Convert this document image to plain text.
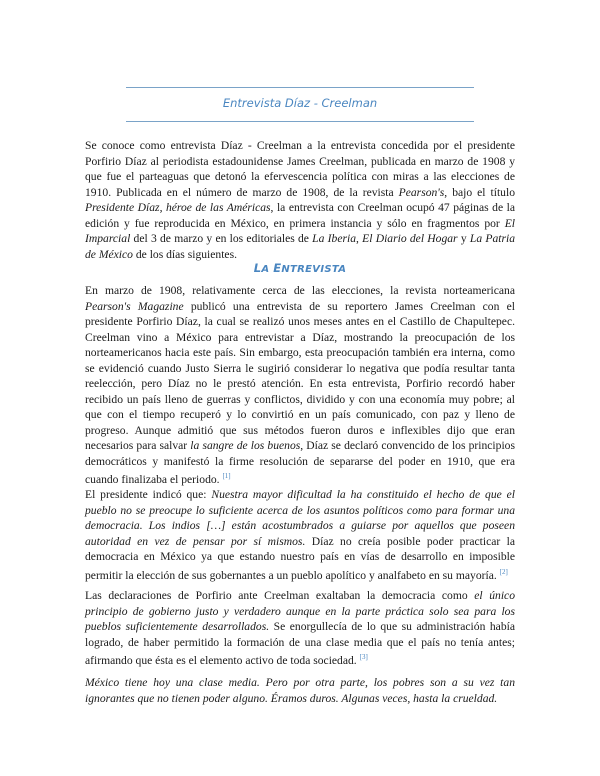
Entrevista Díaz - Creelman

Se conoce como entrevista Díaz - Creelman a la entrevista concedida por el presidente Porfirio Díaz al periodista estadounidense James Creelman, publicada en marzo de 1908 y que fue el parteaguas que detonó la efervescencia política con miras a las elecciones de 1910. Publicada en el número de marzo de 1908, de la revista Pearson's, bajo el título Presidente Díaz, héroe de las Américas, la entrevista con Creelman ocupó 47 páginas de la edición y fue reproducida en México, en primera instancia y sólo en fragmentos por El Imparcial del 3 de marzo y en los editoriales de La Iberia, El Diario del Hogar y La Patria de México de los días siguientes.

LA ENTREVISTA

En marzo de 1908, relativamente cerca de las elecciones, la revista norteamericana Pearson's Magazine publicó una entrevista de su reportero James Creelman con el presidente Porfirio Díaz, la cual se realizó unos meses antes en el Castillo de Chapultepec. Creelman vino a México para entrevistar a Díaz, mostrando la preocupación de los norteamericanos hacia este país. Sin embargo, esta preocupación también era interna, como se evidenció cuando Justo Sierra le sugirió considerar lo negativa que podía resultar tanta reelección, pero Díaz no le prestó atención. En esta entrevista, Porfirio recordó haber recibido un país lleno de guerras y conflictos, dividido y con una economía muy pobre; al que con el tiempo recuperó y lo convirtió en un país comunicado, con paz y lleno de progreso. Aunque admitió que sus métodos fueron duros e inflexibles dijo que eran necesarios para salvar la sangre de los buenos, Díaz se declaró convencido de los principios democráticos y manifestó la firme resolución de separarse del poder en 1910, que era cuando finalizaba el periodo. [1]

El presidente indicó que: Nuestra mayor dificultad la ha constituido el hecho de que el pueblo no se preocupe lo suficiente acerca de los asuntos políticos como para formar una democracia. Los indios […] están acostumbrados a guiarse por aquellos que poseen autoridad en vez de pensar por sí mismos. Díaz no creía posible poder practicar la democracia en México ya que estando nuestro país en vías de desarrollo en imposible permitir la elección de sus gobernantes a un pueblo apolítico y analfabeto en su mayoría. [2]

Las declaraciones de Porfirio ante Creelman exaltaban la democracia como el único principio de gobierno justo y verdadero aunque en la parte práctica solo sea para los pueblos suficientemente desarrollados. Se enorgullecía de lo que su administración había logrado, de haber permitido la formación de una clase media que el país no tenía antes; afirmando que ésta es el elemento activo de toda sociedad. [3]

México tiene hoy una clase media. Pero por otra parte, los pobres son a su vez tan ignorantes que no tienen poder alguno. Éramos duros. Algunas veces, hasta la crueldad.
